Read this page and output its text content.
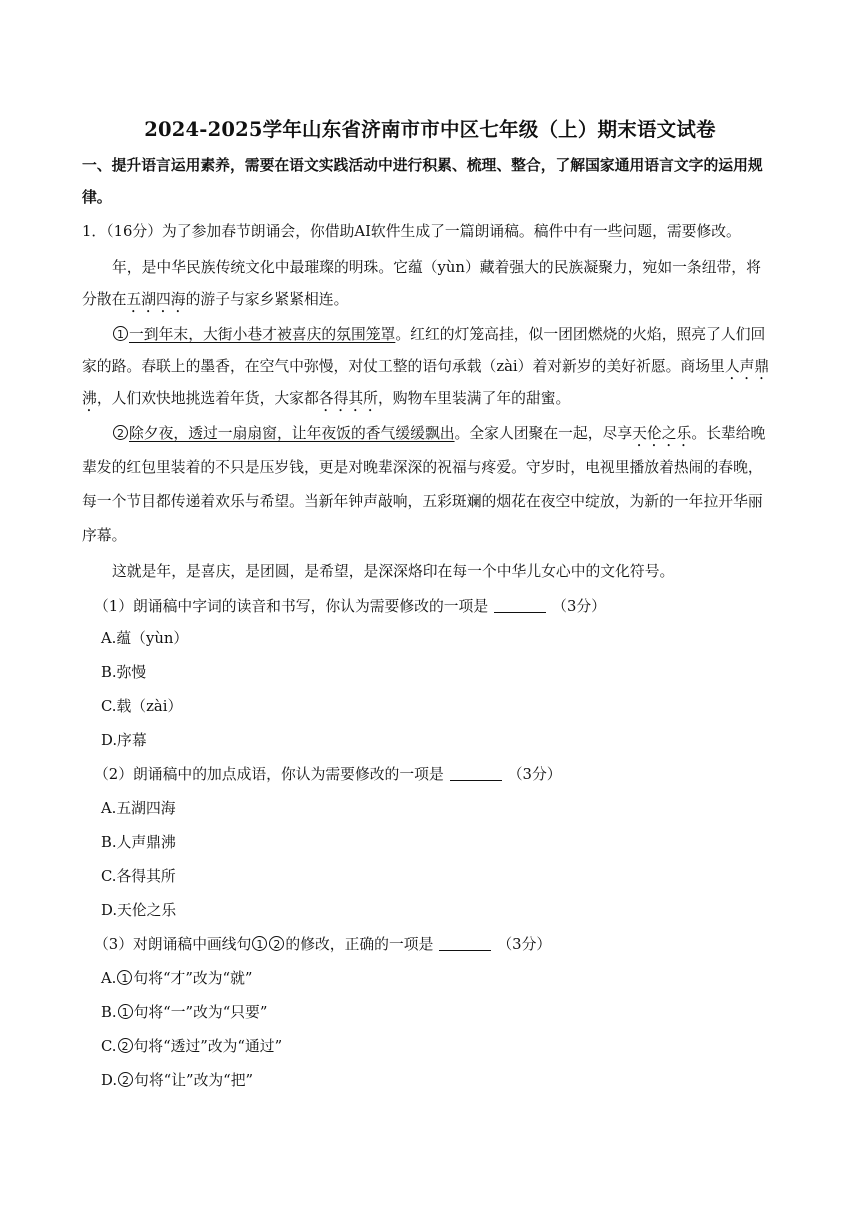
2024-2025学年山东省济南市市中区七年级（上）期末语文试卷
一、提升语言运用素养，需要在语文实践活动中进行积累、梳理、整合，了解国家通用语言文字的运用规
律。
1．（16分）为了参加春节朗诵会，你借助AI软件生成了一篇朗诵稿。稿件中有一些问题，需要修改。
年，是中华民族传统文化中最璀璨的明珠。它蕴（yùn）藏着强大的民族凝聚力，宛如一条纽带，将
分散在五湖四海的游子与家乡紧紧相连。
1 一到年末，大街小巷才被喜庆的氛围笼罩。红红的灯笼高挂，似一团团燃烧的火焰，照亮了人们回
家的路。春联上的墨香，在空气中弥慢，对仗工整的语句承载（zài）着对新岁的美好祈愿。商场里人声鼎
沸，人们欢快地挑选着年货，大家都各得其所，购物车里装满了年的甜蜜。
2 除夕夜，透过一扇扇窗，让年夜饭的香气缓缓飘出。全家人团聚在一起，尽享天伦之乐。长辈给晚
辈发的红包里装着的不只是压岁钱，更是对晚辈深深的祝福与疼爱。守岁时，电视里播放着热闹的春晚，
每一个节目都传递着欢乐与希望。当新年钟声敲响，五彩斑斓的烟花在夜空中绽放，为新的一年拉开华丽
序幕。
这就是年，是喜庆，是团圆，是希望，是深深烙印在每一个中华儿女心中的文化符号。
（1）朗诵稿中字词的读音和书写，你认为需要修改的一项是	（3分）
A.蕴（yùn）
B.弥慢
C.载（zài）
D.序幕
（2）朗诵稿中的加点成语，你认为需要修改的一项是	（3分）
A.五湖四海
B.人声鼎沸
C.各得其所
D.天伦之乐
（3）对朗诵稿中画线句 1 2 的修改，正确的一项是	（3分）
A. 1 句将“才”改为“就”
B. 1 句将“一”改为“只要”
C. 2 句将“透过”改为“通过”
D. 2 句将“让”改为“把”
